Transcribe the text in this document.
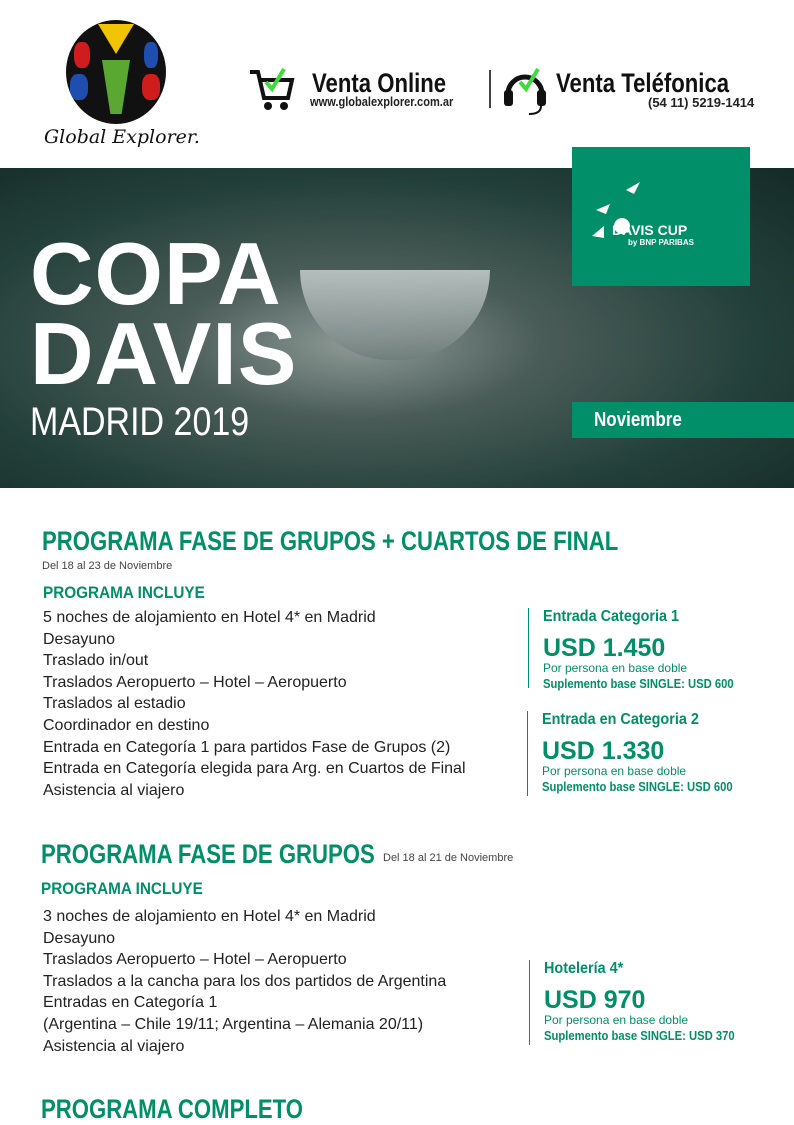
Global Explorer.
Venta Online
www.globalexplorer.com.ar
Venta Teléfonica
(54 11) 5219-1414
COPA
DAVIS
MADRID 2019
DAVIS CUP
by BNP PARIBAS
Noviembre
PROGRAMA FASE DE GRUPOS + CUARTOS DE FINAL
Del 18 al 23 de Noviembre
PROGRAMA INCLUYE
5 noches de alojamiento en Hotel 4* en Madrid
Desayuno
Traslado in/out
Traslados Aeropuerto – Hotel – Aeropuerto
Traslados al estadio
Coordinador en destino
Entrada en Categoría 1 para partidos Fase de Grupos (2)
Entrada en Categoría elegida para Arg. en Cuartos de Final
Asistencia al viajero
Entrada Categoria 1
USD 1.450
Por persona en base doble
Suplemento base SINGLE: USD 600
Entrada en Categoria 2
USD 1.330
Por persona en base doble
Suplemento base SINGLE: USD 600
PROGRAMA FASE DE GRUPOS Del 18 al 21 de Noviembre
PROGRAMA INCLUYE
3 noches de alojamiento en Hotel 4* en Madrid
Desayuno
Traslados Aeropuerto – Hotel – Aeropuerto
Traslados a la cancha para los dos partidos de Argentina
Entradas en Categoría 1
(Argentina – Chile 19/11; Argentina – Alemania 20/11)
Asistencia al viajero
Hotelería 4*
USD 970
Por persona en base doble
Suplemento base SINGLE: USD 370
PROGRAMA COMPLETO
